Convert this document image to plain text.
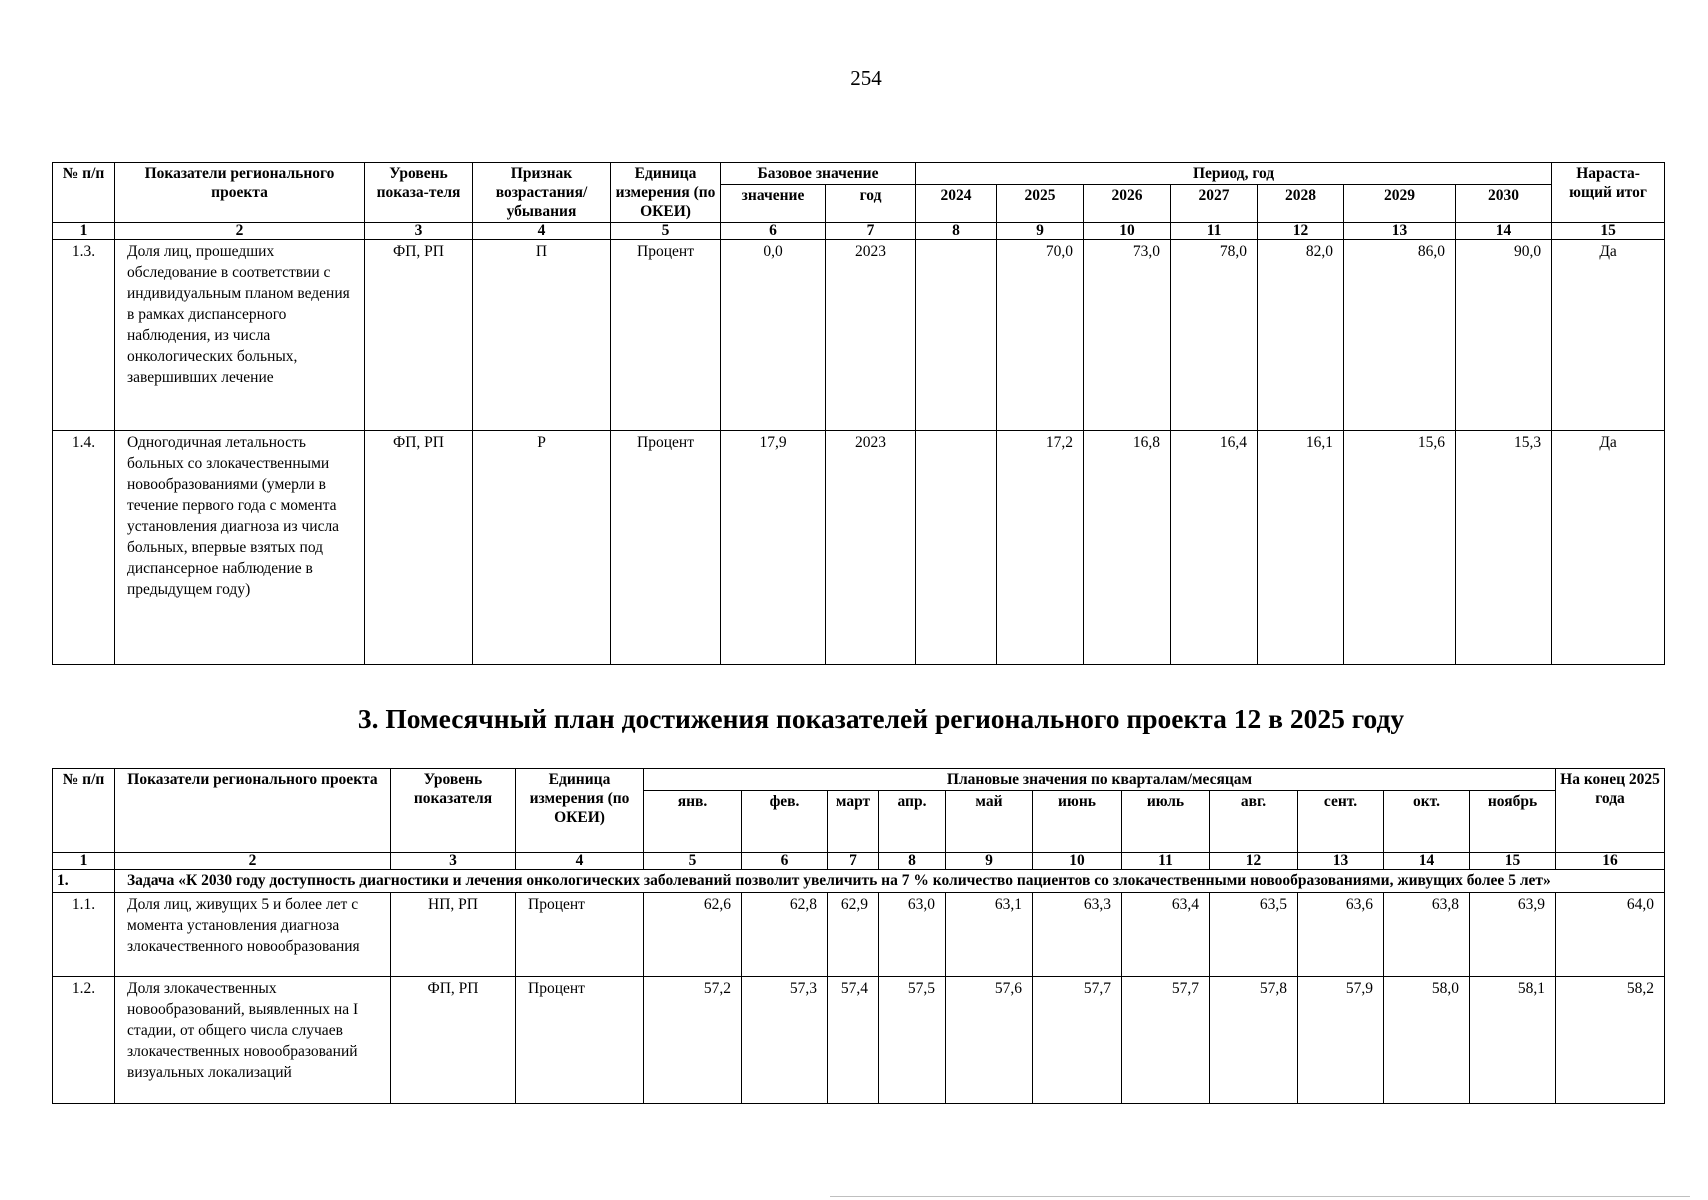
254
№ п/п	Показатели регионального проекта	Уровень показа-теля	Признак возрастания/ убывания	Единица измерения (по ОКЕИ)	Базовое значение		Период, год							Нараста-ющий итог
					значение	год	2024	2025	2026	2027	2028	2029	2030	
1	2	3	4	5	6	7	8	9	10	11	12	13	14	15
1.3.	Доля лиц, прошедших обследование в соответствии с индивидуальным планом ведения в рамках диспансерного наблюдения, из числа онкологических больных, завершивших лечение	ФП, РП	П	Процент	0,0	2023		70,0	73,0	78,0	82,0	86,0	90,0	Да
1.4.	Одногодичная летальность больных со злокачественными новообразованиями (умерли в течение первого года с момента установления диагноза из числа больных, впервые взятых под диспансерное наблюдение в предыдущем году)	ФП, РП	Р	Процент	17,9	2023		17,2	16,8	16,4	16,1	15,6	15,3	Да
3. Помесячный план достижения показателей регионального проекта 12 в 2025 году
№ п/п	Показатели регионального проекта	Уровень показателя	Единица измерения (по ОКЕИ)	Плановые значения по кварталам/месяцам											На конец 2025 года
				янв.	фев.	март	апр.	май	июнь	июль	авг.	сент.	окт.	ноябрь	
1	2	3	4	5	6	7	8	9	10	11	12	13	14	15	16
1.	Задача «К 2030 году доступность диагностики и лечения онкологических заболеваний позволит увеличить на 7 % количество пациентов со злокачественными новообразованиями, живущих более 5 лет»														
1.1.	Доля лиц, живущих 5 и более лет с момента установления диагноза злокачественного новообразования	НП, РП	Процент	62,6	62,8	62,9	63,0	63,1	63,3	63,4	63,5	63,6	63,8	63,9	64,0
1.2.	Доля злокачественных новообразований, выявленных на I стадии, от общего числа случаев злокачественных новообразований визуальных локализаций	ФП, РП	Процент	57,2	57,3	57,4	57,5	57,6	57,7	57,7	57,8	57,9	58,0	58,1	58,2
